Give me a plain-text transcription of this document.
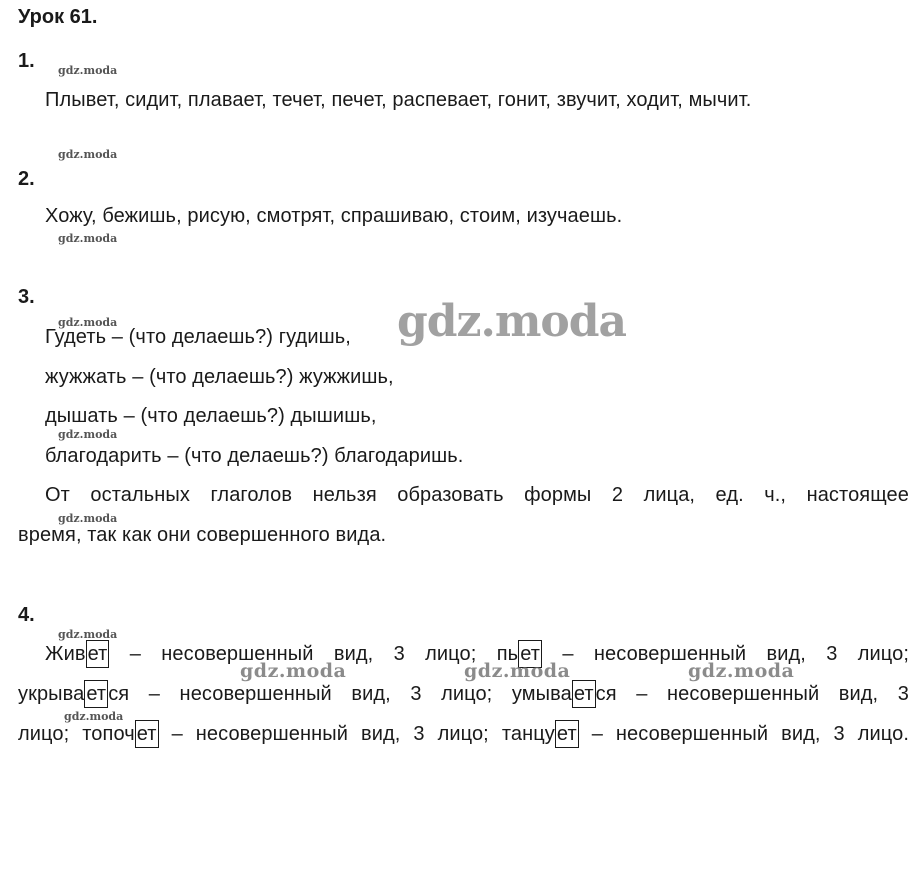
Урок 61.
1. gdz.moda
Плывет, сидит, плавает, течет, печет, распевает, гонит, звучит, ходит, мычит.
gdz.moda
2.
Хожу, бежишь, рисую, смотрят, спрашиваю, стоим, изучаешь.
gdz.moda
3.
gdz.moda
Гудеть – (что делаешь?) гудишь, gdz.moda
жужжать – (что делаешь?) жужжишь,
дышать – (что делаешь?) дышишь,
gdz.moda
благодарить – (что делаешь?) благодаришь.
От остальных глаголов нельзя образовать формы 2 лица, ед. ч., настоящее
gdz.moda
время, так как они совершенного вида.
4.
gdz.moda
Жив ет – несовершенный вид, 3 лицо; пь ет – несовершенный вид, 3 лицо;
gdz.moda	gdz.moda	gdz.moda
укрыва ет ся – несовершенный вид, 3 лицо; умыва ет ся – несовершенный вид, 3
gdz.moda
лицо; топоч ет – несовершенный вид, 3 лицо; танцу ет – несовершенный вид, 3 лицо.
